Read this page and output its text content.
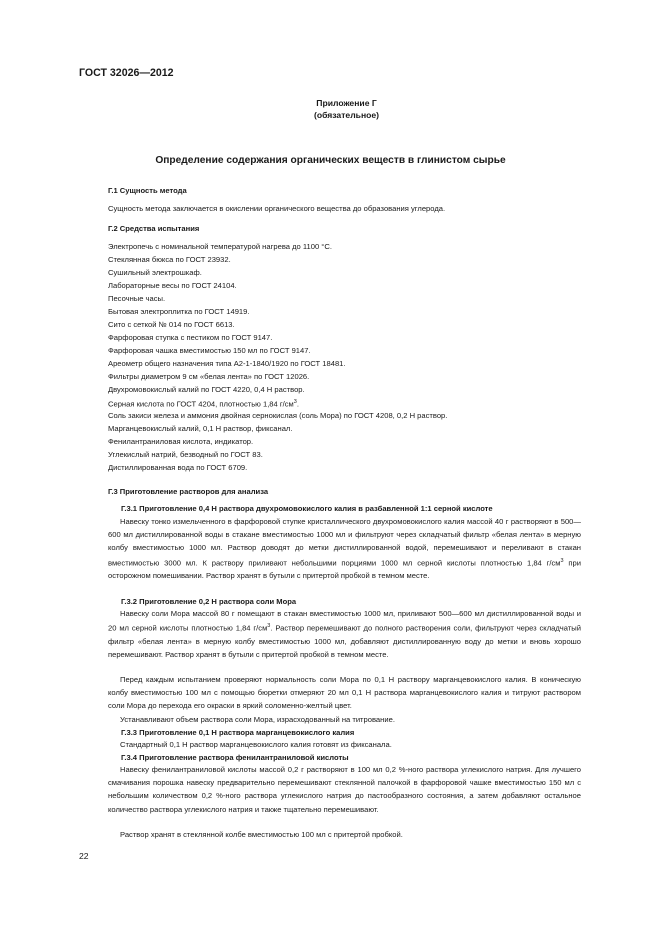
ГОСТ 32026—2012
Приложение Г
(обязательное)
Определение содержания органических веществ в глинистом сырье
Г.1 Сущность метода
Сущность метода заключается в окислении органического вещества до образования углерода.
Г.2 Средства испытания
Электропечь с номинальной температурой нагрева до 1100 °С.
Стеклянная бюкса по ГОСТ 23932.
Сушильный электрошкаф.
Лабораторные весы по ГОСТ 24104.
Песочные часы.
Бытовая электроплитка по ГОСТ 14919.
Сито с сеткой № 014 по ГОСТ 6613.
Фарфоровая ступка с пестиком по ГОСТ 9147.
Фарфоровая чашка вместимостью 150 мл по ГОСТ 9147.
Ареометр общего назначения типа А2-1-1840/1920 по ГОСТ 18481.
Фильтры диаметром 9 см «белая лента» по ГОСТ 12026.
Двухромовокислый калий по ГОСТ 4220, 0,4 Н раствор.
Серная кислота по ГОСТ 4204, плотностью 1,84 $г/см^3$.
Соль закиси железа и аммония двойная сернокислая (соль Мора) по ГОСТ 4208, 0,2 Н раствор.
Марганцевокислый калий, 0,1 Н раствор, фиксанал.
Фенилантраниловая кислота, индикатор.
Углекислый натрий, безводный по ГОСТ 83.
Дистиллированная вода по ГОСТ 6709.
Г.3 Приготовление растворов для анализа
Г.3.1 Приготовление 0,4 Н раствора двухромовокислого калия в разбавленной 1:1 серной кислоте
Навеску тонко измельченного в фарфоровой ступке кристаллического двухромовокислого калия массой 40 г растворяют в 500—600 мл дистиллированной воды в стакане вместимостью 1000 мл и фильтруют через складчатый фильтр «белая лента» в мерную колбу вместимостью 1000 мл. Раствор доводят до метки дистиллированной водой, перемешивают и переливают в стакан вместимостью 3000 мл. К раствору приливают небольшими порциями 1000 мл серной кислоты плотностью 1,84 $г/см^3$ при осторожном помешивании. Раствор хранят в бутыли с притертой пробкой в темном месте.
Г.3.2 Приготовление 0,2 Н раствора соли Мора
Навеску соли Мора массой 80 г помещают в стакан вместимостью 1000 мл, приливают 500—600 мл дистиллированной воды и 20 мл серной кислоты плотностью 1,84 $г/см^3$. Раствор перемешивают до полного растворения соли, фильтруют через складчатый фильтр «белая лента» в мерную колбу вместимостью 1000 мл, добавляют дистиллированную воду до метки и вновь хорошо перемешивают. Раствор хранят в бутыли с притертой пробкой в темном месте.
Перед каждым испытанием проверяют нормальность соли Мора по 0,1 Н раствору марганцевокислого калия. В коническую колбу вместимостью 100 мл с помощью бюретки отмеряют 20 мл 0,1 Н раствора марганцевокислого калия и титруют раствором соли Мора до перехода его окраски в яркий соломенно-желтый цвет.
Устанавливают объем раствора соли Мора, израсходованный на титрование.
Г.3.3 Приготовление 0,1 Н раствора марганцевокислого калия
Стандартный 0,1 Н раствор марганцевокислого калия готовят из фиксанала.
Г.3.4 Приготовление раствора фенилантраниловой кислоты
Навеску фенилантраниловой кислоты массой 0,2 г растворяют в 100 мл 0,2 %-ного раствора углекислого натрия. Для лучшего смачивания порошка навеску предварительно перемешивают стеклянной палочкой в фарфоровой чашке вместимостью 150 мл с небольшим количеством 0,2 %-ного раствора углекислого натрия до пастообразного состояния, а затем добавляют остальное количество раствора углекислого натрия и также тщательно перемешивают.
Раствор хранят в стеклянной колбе вместимостью 100 мл с притертой пробкой.
22
